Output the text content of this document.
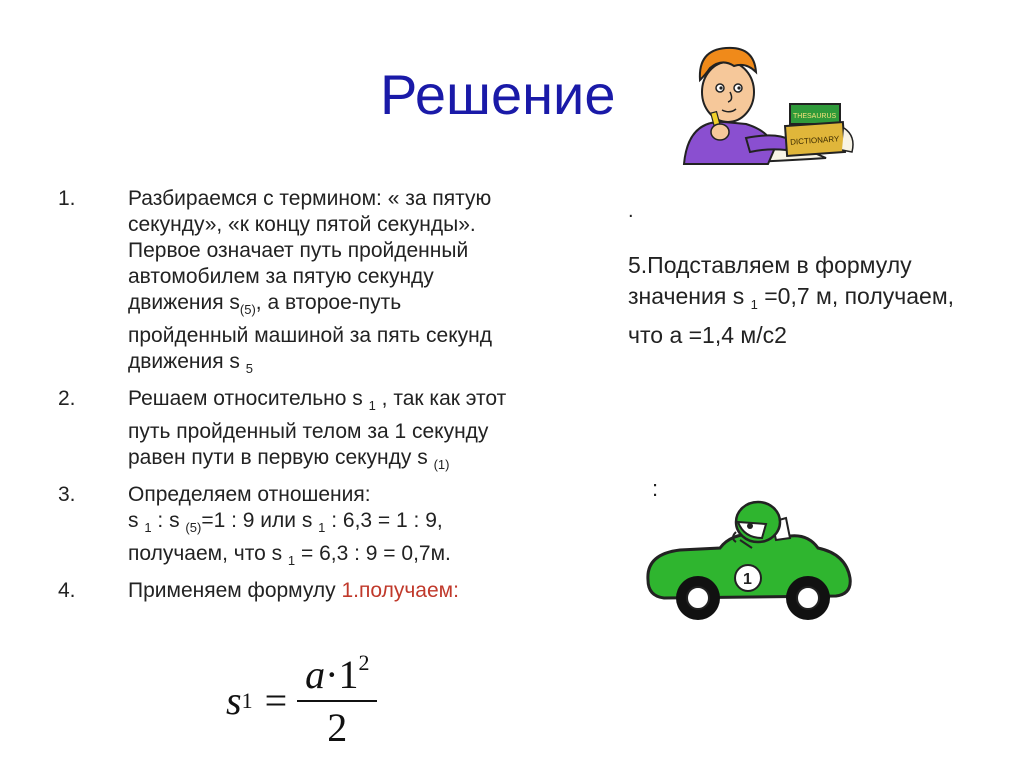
Решение	THESAURUS
DICTIONARY
1. Разбираемся с термином: « за пятую секунду», «к концу пятой секунды». Первое означает путь пройденный автомобилем за пятую секунду движения $s_{(5)}$, а второе-путь пройденный машиной за пять секунд движения s $_5$
2. Решаем относительно s $_1$ , так как этот путь пройденный телом за 1 секунду равен пути в первую секунду s $_{(1)}$
3. Определяем отношения:
s $_1$ : s $_{(5)}$=1 : 9 или s $_1$ : 6,3 = 1 : 9,
получаем, что s $_1$ = 6,3 : 9 = 0,7м.
4. Применяем формулу 1.получаем:
s $1 = \frac{a\cdot 1^2}{2}$
.
5.Подставляем в формулу значения s $_1$ =0,7 м, получаем, что а =1,4 м/с2
:
1
